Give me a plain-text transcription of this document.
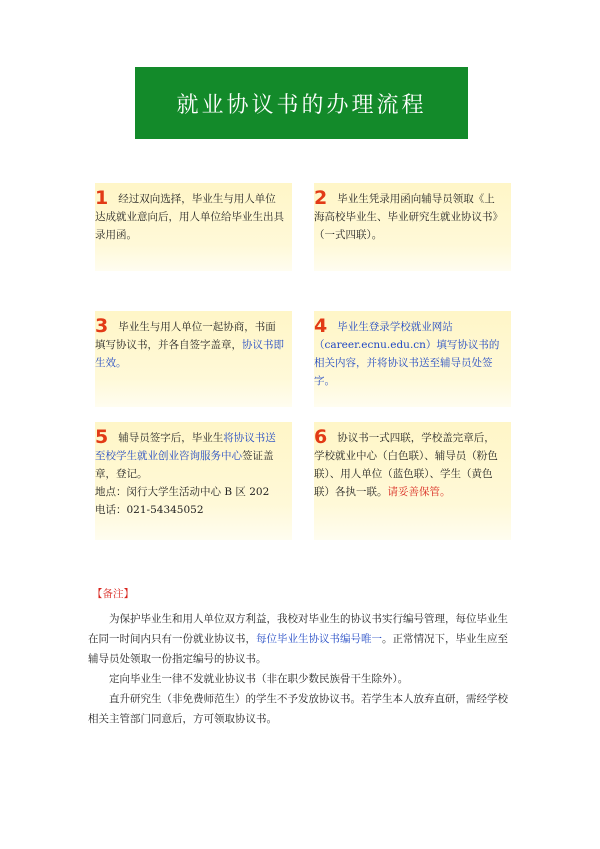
就业协议书的办理流程
1 经过双向选择，毕业生与用人单位达成就业意向后，用人单位给毕业生出具录用函。
2 毕业生凭录用函向辅导员领取《上海高校毕业生、毕业研究生就业协议书》（一式四联）。
3 毕业生与用人单位一起协商，书面填写协议书，并各自签字盖章，协议书即生效。
4 毕业生登录学校就业网站（career.ecnu.edu.cn）填写协议书的相关内容，并将协议书送至辅导员处签字。
5 辅导员签字后，毕业生将协议书送至校学生就业创业咨询服务中心签证盖章，登记。
地点：闵行大学生活动中心 B 区 202
电话：021-54345052
6 协议书一式四联，学校盖完章后，学校就业中心（白色联）、辅导员（粉色联）、用人单位（蓝色联）、学生（黄色联）各执一联。请妥善保管。
【备注】

为保护毕业生和用人单位双方利益，我校对毕业生的协议书实行编号管理，每位毕业生在同一时间内只有一份就业协议书，每位毕业生协议书编号唯一。正常情况下，毕业生应至辅导员处领取一份指定编号的协议书。

定向毕业生一律不发就业协议书（非在职少数民族骨干生除外）。

直升研究生（非免费师范生）的学生不予发放协议书。若学生本人放弃直研，需经学校相关主管部门同意后，方可领取协议书。
